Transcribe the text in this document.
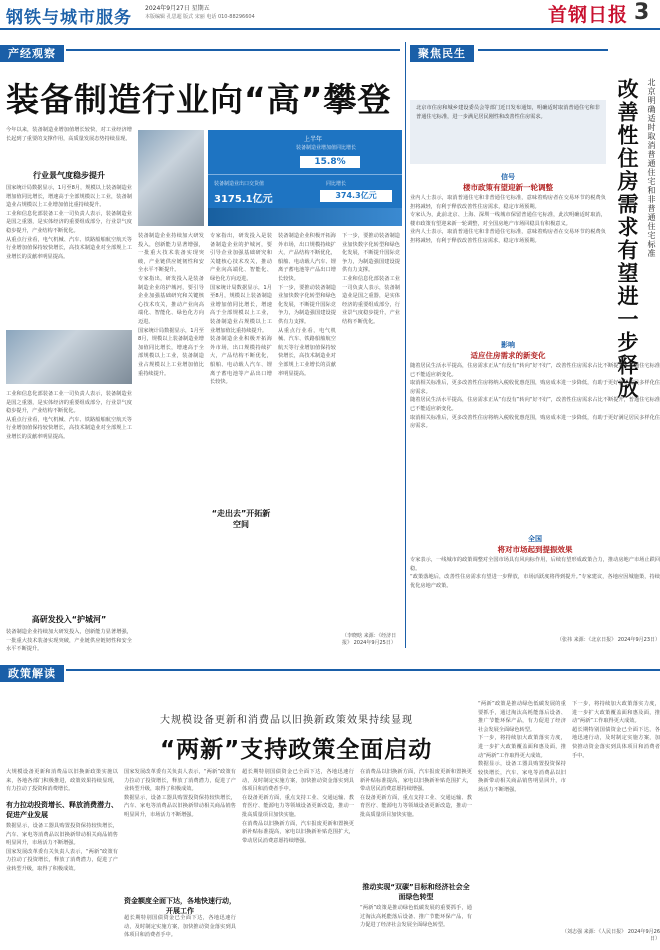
钢铁与城市服务 2024年9月27日 星期五
本版编辑 孔思超 版式 宋丽 电话 010-88296604	首钢日报 3
产经观察
装备制造行业向“高”攀登
今年以来，装备制造业增加值增长较快，对工业经济增长起到了重要的支撑作用，高质量发展态势持续显现。
行业景气度稳步提升
国家统计局数据显示，1月至8月，规模以上装备制造业增加值同比增长，增速高于全部规模以上工业，装备制造业占规模以上工业增加值比重持续提升。
工业和信息化部装备工业一司负责人表示，装备制造业是国之重器，是实体经济的重要组成部分，行业景气度稳步提升，产业结构不断优化。
从重点行业看，电气机械、汽车、铁路船舶航空航天等行业增加值保持较快增长，高技术制造业对全部规上工业增长的贡献率明显提高。
工业和信息化部装备工业一司负责人表示，装备制造业是国之重器，是实体经济的重要组成部分，行业景气度稳步提升，产业结构不断优化。
从重点行业看，电气机械、汽车、铁路船舶航空航天等行业增加值保持较快增长，高技术制造业对全部规上工业增长的贡献率明显提高。
高研发投入“护城河”
装备制造企业持续加大研发投入，创新能力显著增强，一批重大技术装备实现突破，产业链供应链韧性和安全水平不断提升。
装备制造企业持续加大研发投入，创新能力显著增强，一批重大技术装备实现突破，产业链供应链韧性和安全水平不断提升。
专家指出，研发投入是装备制造企业的护城河，要引导企业加强基础研究和关键核心技术攻关，推动产业向高端化、智能化、绿色化方向迈进。
国家统计局数据显示，1月至8月，规模以上装备制造业增加值同比增长，增速高于全部规模以上工业，装备制造业占规模以上工业增加值比重持续提升。
上半年
装备制造业增加值同比增长
15.8%
装备制造业出口交货值
3175.1亿元
同比增长
374.3亿元
专家指出，研发投入是装备制造企业的护城河，要引导企业加强基础研究和关键核心技术攻关，推动产业向高端化、智能化、绿色化方向迈进。
国家统计局数据显示，1月至8月，规模以上装备制造业增加值同比增长，增速高于全部规模以上工业，装备制造业占规模以上工业增加值比重持续提升。
装备制造企业积极开拓海外市场，出口规模持续扩大，产品结构不断优化，船舶、电动载人汽车、锂离子蓄电池等产品出口增长较快。
“走出去”开拓新空间
装备制造企业积极开拓海外市场，出口规模持续扩大，产品结构不断优化，船舶、电动载人汽车、锂离子蓄电池等产品出口增长较快。
下一步，要推动装备制造业加快数字化转型和绿色化发展，不断提升国际竞争力，为制造强国建设提供有力支撑。
从重点行业看，电气机械、汽车、铁路船舶航空航天等行业增加值保持较快增长，高技术制造业对全部规上工业增长的贡献率明显提高。
下一步，要推动装备制造业加快数字化转型和绿色化发展，不断提升国际竞争力，为制造强国建设提供有力支撑。
工业和信息化部装备工业一司负责人表示，装备制造业是国之重器，是实体经济的重要组成部分，行业景气度稳步提升，产业结构不断优化。
（李晓晗 来源：《经济日报》 2024年9月25日）
聚焦民生
改善性住房需求有望进一步释放	北京明确适时取消普通住宅和非普通住宅标准
北京市住房和城乡建设委员会等部门近日发布通知，明确适时取消普通住宅和非普通住宅标准，进一步满足居民刚性和改善性住房需求。
信号
楼市政策有望迎新一轮调整
业内人士表示，取消普通住宅和非普通住宅标准，意味着购房者在交易环节的税费负担将减轻，有利于释放改善性住房需求，稳定市场预期。
专家认为，此前北京、上海、深圳一线城市保留普通住宅标准，此次明确适时取消，楼市政策有望迎来新一轮调整，对全国房地产市场回稳具有积极意义。
业内人士表示，取消普通住宅和非普通住宅标准，意味着购房者在交易环节的税费负担将减轻，有利于释放改善性住房需求，稳定市场预期。
影响
适应住房需求的新变化
随着居民生活水平提高，住房需求正从“有没有”转向“好不好”，改善性住房需求占比不断提升，普通住宅标准已不能适应新变化。
取消相关标准后，更多改善性住房将纳入税收优惠范围，购房成本进一步降低，有助于更好满足居民多样化住房需求。
随着居民生活水平提高，住房需求正从“有没有”转向“好不好”，改善性住房需求占比不断提升，普通住宅标准已不能适应新变化。
取消相关标准后，更多改善性住房将纳入税收优惠范围，购房成本进一步降低，有助于更好满足居民多样化住房需求。
全国
将对市场起到提振效果
专家表示，一线城市的政策调整对全国市场具有风向标作用，后续有望形成政策合力，推动房地产市场止跌回稳。
“政策落地后，改善性住房需求有望进一步释放，市场活跃度将得到提升。”专家建议，各地应因城施策，持续优化房地产政策。
（张祎 来源：《北京日报》 2024年9月23日）
政策解读
大规模设备更新和消费品以旧换新政策效果持续显现
“两新”支持政策全面启动
大规模设备更新和消费品以旧换新政策实施以来，各地各部门积极推进，政策效果持续显现，有力拉动了投资和消费增长。
有力拉动投资增长、释放消费潜力、促进产业发展
数据显示，设备工器具购置投资保持较快增长，汽车、家电等消费品以旧换新带动相关商品销售明显回升，市场活力不断增强。
国家发展改革委有关负责人表示，“两新”政策有力拉动了投资增长，释放了消费潜力，促进了产业转型升级，取得了积极成效。
国家发展改革委有关负责人表示，“两新”政策有力拉动了投资增长，释放了消费潜力，促进了产业转型升级，取得了积极成效。
数据显示，设备工器具购置投资保持较快增长，汽车、家电等消费品以旧换新带动相关商品销售明显回升，市场活力不断增强。
资金额度全面下达，各地快速行动，开展工作
超长期特别国债资金已全面下达，各地迅速行动，及时制定实施方案，加快推动资金落实到具体项目和消费者手中。
超长期特别国债资金已全面下达，各地迅速行动，及时制定实施方案，加快推动资金落实到具体项目和消费者手中。
在设备更新方面，重点支持工业、交通运输、教育医疗、能源电力等领域设备更新改造，推动一批高质量项目加快实施。
在消费品以旧换新方面，汽车报废更新和置换更新补贴标准提高，家电以旧换新补贴范围扩大，带动居民消费意愿持续增强。
在消费品以旧换新方面，汽车报废更新和置换更新补贴标准提高，家电以旧换新补贴范围扩大，带动居民消费意愿持续增强。
在设备更新方面，重点支持工业、交通运输、教育医疗、能源电力等领域设备更新改造，推动一批高质量项目加快实施。
推动实现“双碳”目标和经济社会全面绿色转型
“两新”政策是推动绿色低碳发展的重要抓手，通过淘汰高耗能落后设备、推广节能环保产品，有力促进了经济社会发展全面绿色转型。
“两新”政策是推动绿色低碳发展的重要抓手，通过淘汰高耗能落后设备、推广节能环保产品，有力促进了经济社会发展全面绿色转型。
下一步，将持续加大政策落实力度，进一步扩大政策覆盖面和惠及面，推动“两新”工作取得更大成效。
数据显示，设备工器具购置投资保持较快增长，汽车、家电等消费品以旧换新带动相关商品销售明显回升，市场活力不断增强。
下一步，将持续加大政策落实力度，进一步扩大政策覆盖面和惠及面，推动“两新”工作取得更大成效。
超长期特别国债资金已全面下达，各地迅速行动，及时制定实施方案，加快推动资金落实到具体项目和消费者手中。
（刘志强 来源：《人民日报》 2024年9月26日）
